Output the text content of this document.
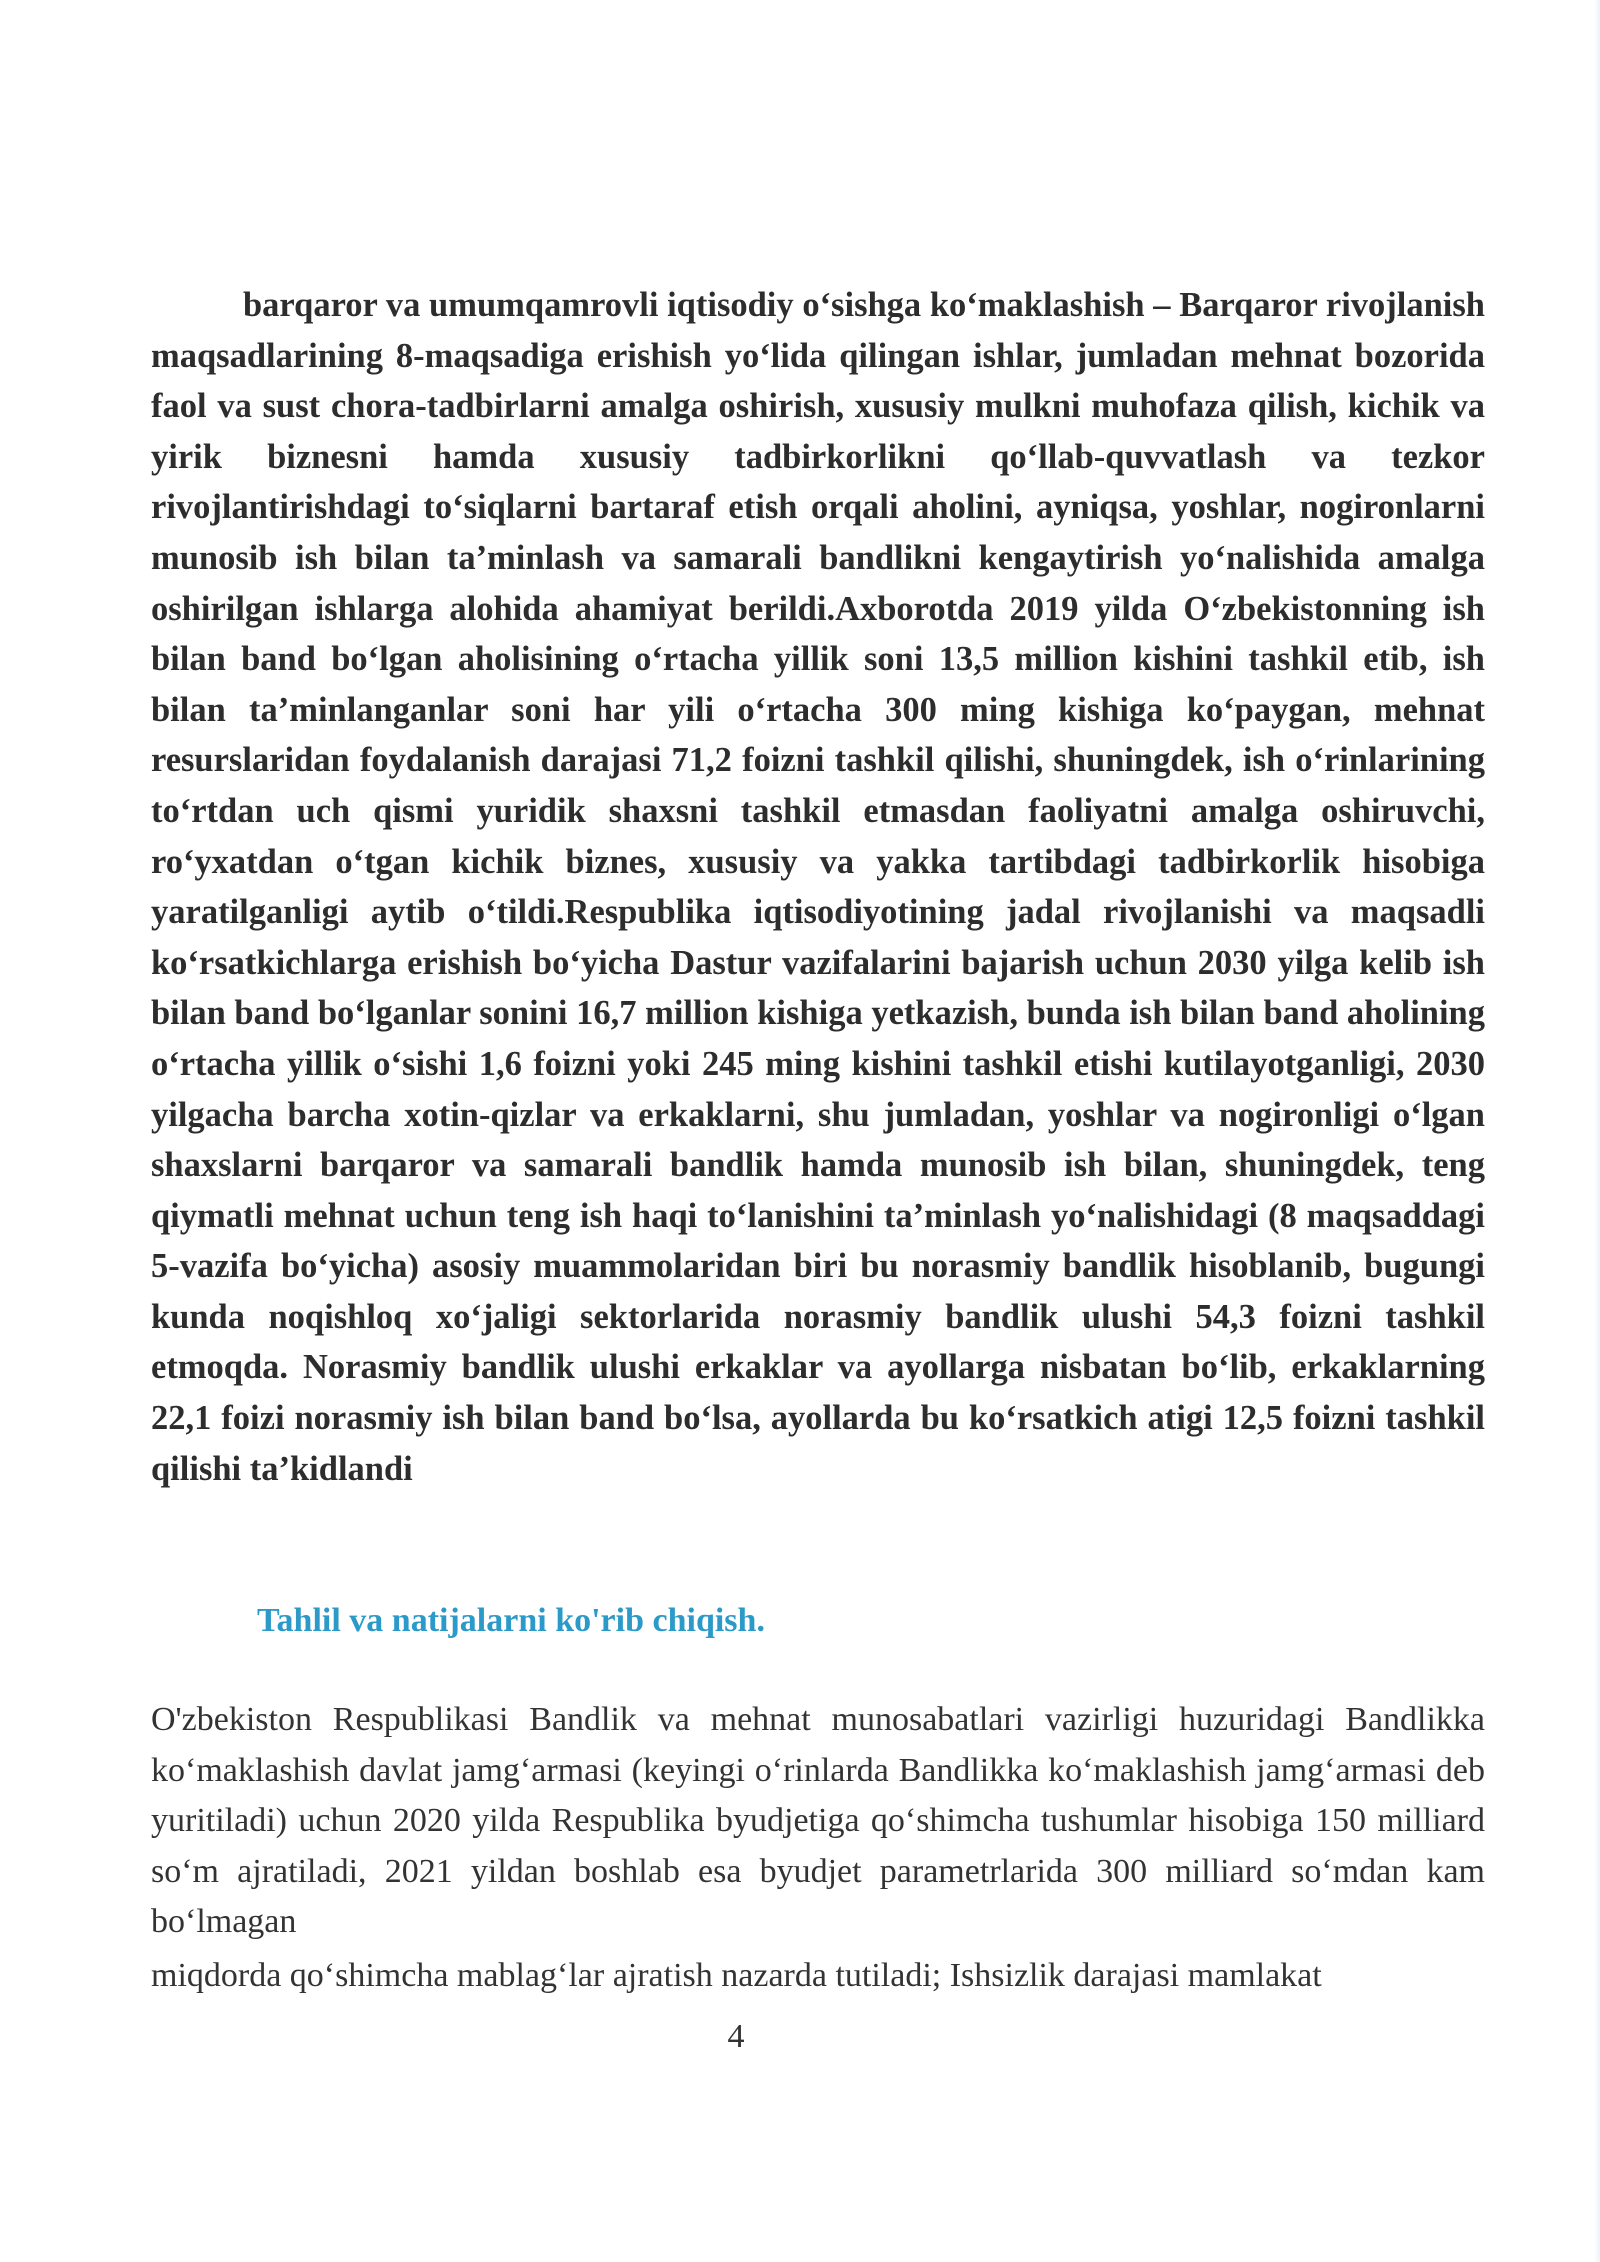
barqaror va umumqamrovli iqtisodiy o‘sishga ko‘maklashish – Barqaror rivojlanish maqsadlarining 8-maqsadiga erishish yo‘lida qilingan ishlar, jumladan mehnat bozorida faol va sust chora-tadbirlarni amalga oshirish, xususiy mulkni muhofaza qilish, kichik va yirik biznesni hamda xususiy tadbirkorlikni qo‘llab-quvvatlash va tezkor rivojlantirishdagi to‘siqlarni bartaraf etish orqali aholini, ayniqsa, yoshlar, nogironlarni munosib ish bilan ta’minlash va samarali bandlikni kengaytirish yo‘nalishida amalga oshirilgan ishlarga alohida ahamiyat berildi.Axborotda 2019 yilda O‘zbekistonning ish bilan band bo‘lgan aholisining o‘rtacha yillik soni 13,5 million kishini tashkil etib, ish bilan ta’minlanganlar soni har yili o‘rtacha 300 ming kishiga ko‘paygan, mehnat resurslaridan foydalanish darajasi 71,2 foizni tashkil qilishi, shuningdek, ish o‘rinlarining to‘rtdan uch qismi yuridik shaxsni tashkil etmasdan faoliyatni amalga oshiruvchi, ro‘yxatdan o‘tgan kichik biznes, xususiy va yakka tartibdagi tadbirkorlik hisobiga yaratilganligi aytib o‘tildi.Respublika iqtisodiyotining jadal rivojlanishi va maqsadli ko‘rsatkichlarga erishish bo‘yicha Dastur vazifalarini bajarish uchun 2030 yilga kelib ish bilan band bo‘lganlar sonini 16,7 million kishiga yetkazish, bunda ish bilan band aholining o‘rtacha yillik o‘sishi 1,6 foizni yoki 245 ming kishini tashkil etishi kutilayotganligi, 2030 yilgacha barcha xotin-qizlar va erkaklarni, shu jumladan, yoshlar va nogironligi o‘lgan shaxslarni barqaror va samarali bandlik hamda munosib ish bilan, shuningdek, teng qiymatli mehnat uchun teng ish haqi to‘lanishini ta’minlash yo‘nalishidagi (8 maqsaddagi 5-vazifa bo‘yicha) asosiy muammolaridan biri bu norasmiy bandlik hisoblanib, bugungi kunda noqishloq xo‘jaligi sektorlarida norasmiy bandlik ulushi 54,3 foizni tashkil etmoqda. Norasmiy bandlik ulushi erkaklar va ayollarga nisbatan bo‘lib, erkaklarning 22,1 foizi norasmiy ish bilan band bo‘lsa, ayollarda bu ko‘rsatkich atigi 12,5 foizni tashkil qilishi ta’kidlandi

Tahlil va natijalarni ko'rib chiqish.

O'zbekiston Respublikasi Bandlik va mehnat munosabatlari vazirligi huzuridagi Bandlikka ko‘maklashish davlat jamg‘armasi (keyingi o‘rinlarda Bandlikka ko‘maklashish jamg‘armasi deb yuritiladi) uchun 2020 yilda Respublika byudjetiga qo‘shimcha tushumlar hisobiga 150 milliard so‘m ajratiladi, 2021 yildan boshlab esa byudjet parametrlarida 300 milliard so‘mdan kam bo‘lmagan

miqdorda qo‘shimcha mablag‘lar ajratish nazarda tutiladi; Ishsizlik darajasi mamlakat

4
